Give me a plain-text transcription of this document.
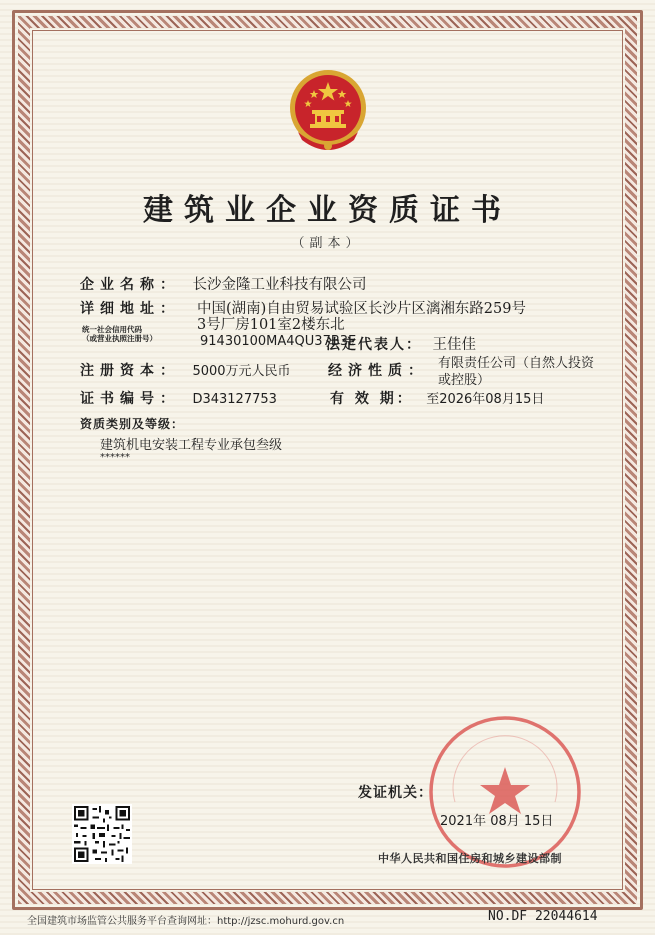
建筑业企业资质证书
（副本）
企业名称： 长沙金隆工业科技有限公司
详细地址： 中国(湖南)自由贸易试验区长沙片区漓湘东路259号
3号厂房101室2楼东北
统一社会信用代码
（或营业执照注册号）	91430100MA4QU37B3E
法定代表人： 王佳佳
注册资本： 5000万元人民币	经济性质： 有限责任公司（自然人投资
或控股）
证书编号： D343127753	有 效 期： 至2026年08月15日
资质类别及等级：
建筑机电安装工程专业承包叁级
******
发证机关：
2021年 08月 15日
中华人民共和国住房和城乡建设部制
全国建筑市场监管公共服务平台查询网址：http://jzsc.mohurd.gov.cn	NO.DF 22044614
